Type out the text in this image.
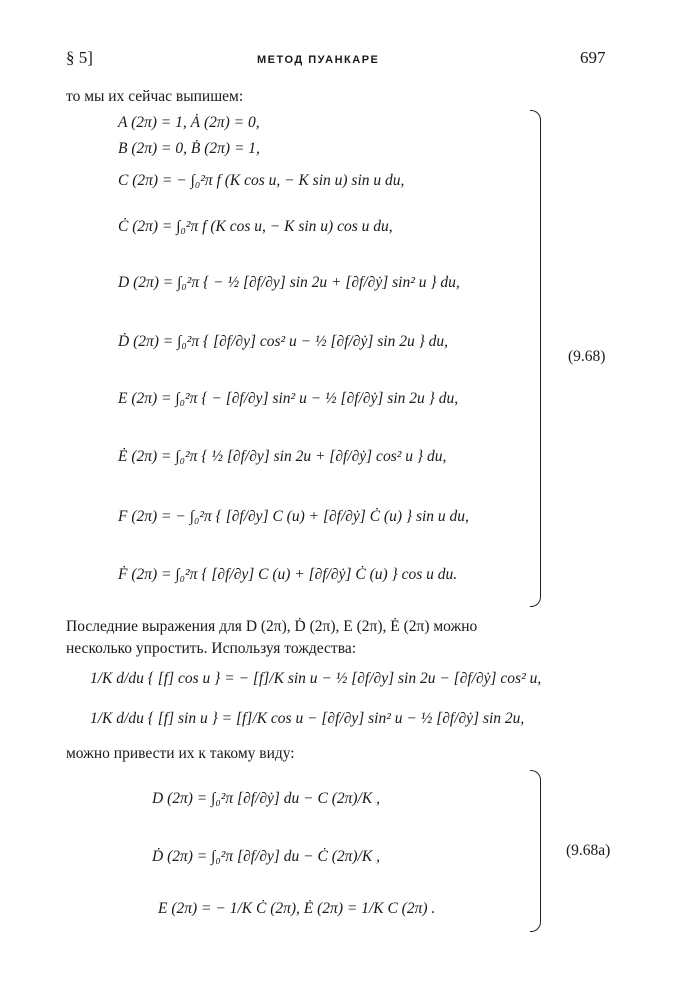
§ 5]	МЕТОД ПУАНКАРЕ	697
то мы их сейчас выпишем:
A (2π) = 1, Ȧ (2π) = 0,
B (2π) = 0, Ḃ (2π) = 1,
C (2π) = − ∫₀²π f (K cos u, − K sin u) sin u du,
Ċ (2π) = ∫₀²π f (K cos u, − K sin u) cos u du,
D (2π) = ∫₀²π { − ½ [∂f/∂y] sin 2u + [∂f/∂ẏ] sin² u } du,
Ḋ (2π) = ∫₀²π { [∂f/∂y] cos² u − ½ [∂f/∂ẏ] sin 2u } du,
E (2π) = ∫₀²π { − [∂f/∂y] sin² u − ½ [∂f/∂ẏ] sin 2u } du,
Ė (2π) = ∫₀²π { ½ [∂f/∂y] sin 2u + [∂f/∂ẏ] cos² u } du,
F (2π) = − ∫₀²π { [∂f/∂y] C (u) + [∂f/∂ẏ] Ċ (u) } sin u du,
Ḟ (2π) = ∫₀²π { [∂f/∂y] C (u) + [∂f/∂ẏ] Ċ (u) } cos u du.
(9.68)
Последние выражения для D (2π), Ḋ (2π), E (2π), Ė (2π) можно
несколько упростить. Используя тождества:
1/K d/du { [f] cos u } = − [f]/K sin u − ½ [∂f/∂y] sin 2u − [∂f/∂ẏ] cos² u,
1/K d/du { [f] sin u } = [f]/K cos u − [∂f/∂y] sin² u − ½ [∂f/∂ẏ] sin 2u,
можно привести их к такому виду:
D (2π) = ∫₀²π [∂f/∂ẏ] du − C (2π)/K ,
Ḋ (2π) = ∫₀²π [∂f/∂y] du − Ċ (2π)/K ,
E (2π) = − 1/K Ċ (2π), Ė (2π) = 1/K C (2π) .
(9.68a)
